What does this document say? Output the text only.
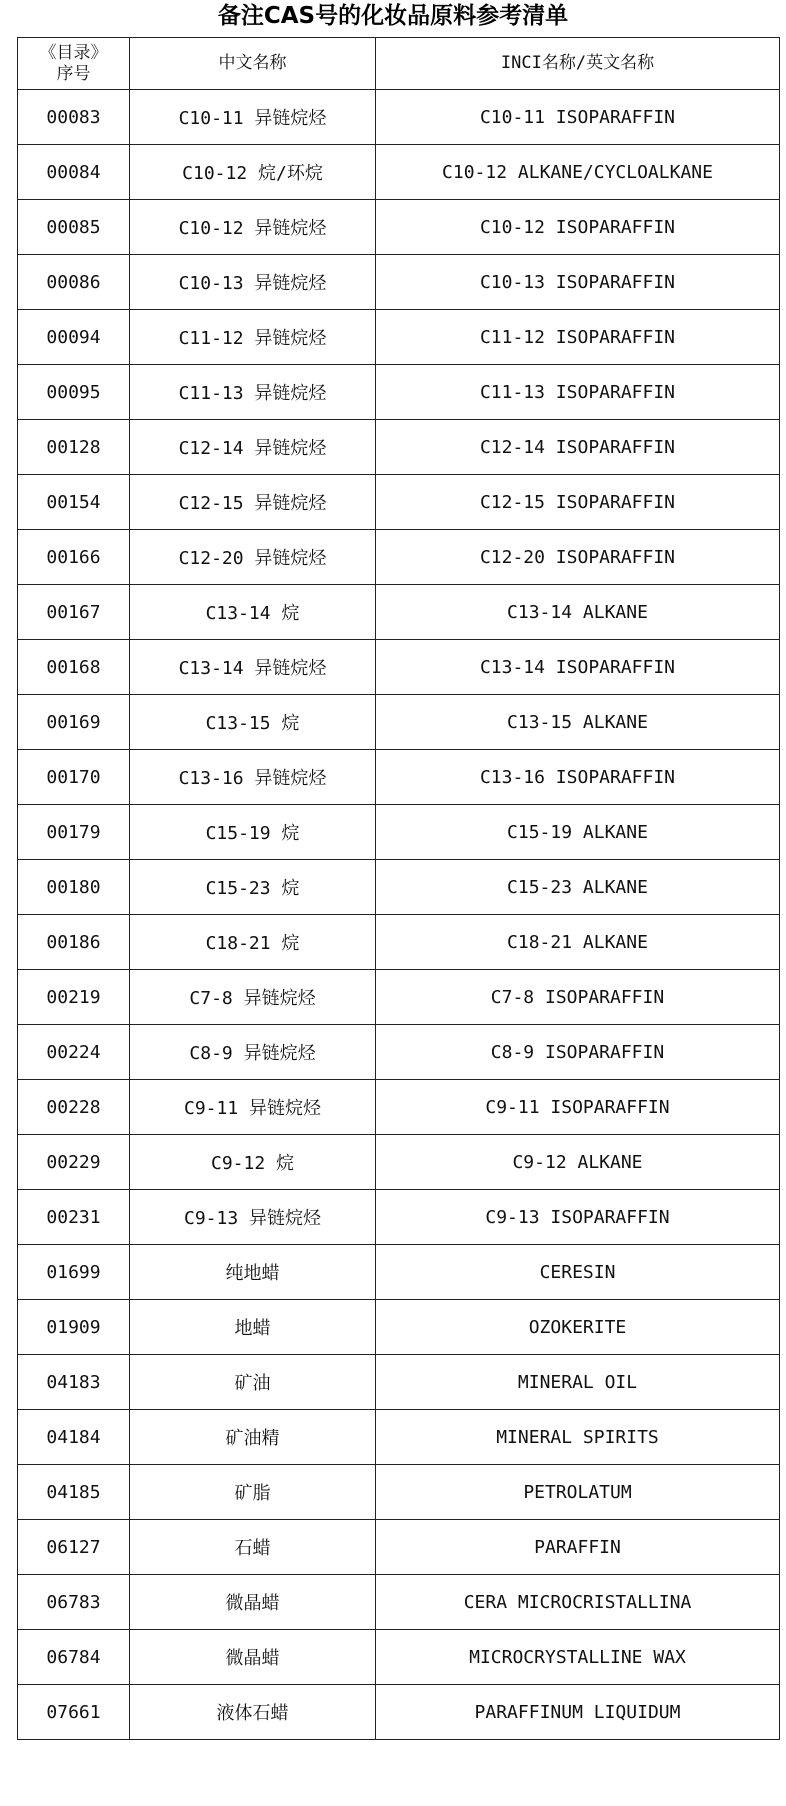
备注CAS号的化妆品原料参考清单
《目录》
序号	中文名称	INCI名称/英文名称
00083	C10-11 异链烷烃	C10-11 ISOPARAFFIN
00084	C10-12 烷/环烷	C10-12 ALKANE/CYCLOALKANE
00085	C10-12 异链烷烃	C10-12 ISOPARAFFIN
00086	C10-13 异链烷烃	C10-13 ISOPARAFFIN
00094	C11-12 异链烷烃	C11-12 ISOPARAFFIN
00095	C11-13 异链烷烃	C11-13 ISOPARAFFIN
00128	C12-14 异链烷烃	C12-14 ISOPARAFFIN
00154	C12-15 异链烷烃	C12-15 ISOPARAFFIN
00166	C12-20 异链烷烃	C12-20 ISOPARAFFIN
00167	C13-14 烷	C13-14 ALKANE
00168	C13-14 异链烷烃	C13-14 ISOPARAFFIN
00169	C13-15 烷	C13-15 ALKANE
00170	C13-16 异链烷烃	C13-16 ISOPARAFFIN
00179	C15-19 烷	C15-19 ALKANE
00180	C15-23 烷	C15-23 ALKANE
00186	C18-21 烷	C18-21 ALKANE
00219	C7-8 异链烷烃	C7-8 ISOPARAFFIN
00224	C8-9 异链烷烃	C8-9 ISOPARAFFIN
00228	C9-11 异链烷烃	C9-11 ISOPARAFFIN
00229	C9-12 烷	C9-12 ALKANE
00231	C9-13 异链烷烃	C9-13 ISOPARAFFIN
01699	纯地蜡	CERESIN
01909	地蜡	OZOKERITE
04183	矿油	MINERAL OIL
04184	矿油精	MINERAL SPIRITS
04185	矿脂	PETROLATUM
06127	石蜡	PARAFFIN
06783	微晶蜡	CERA MICROCRISTALLINA
06784	微晶蜡	MICROCRYSTALLINE WAX
07661	液体石蜡	PARAFFINUM LIQUIDUM
